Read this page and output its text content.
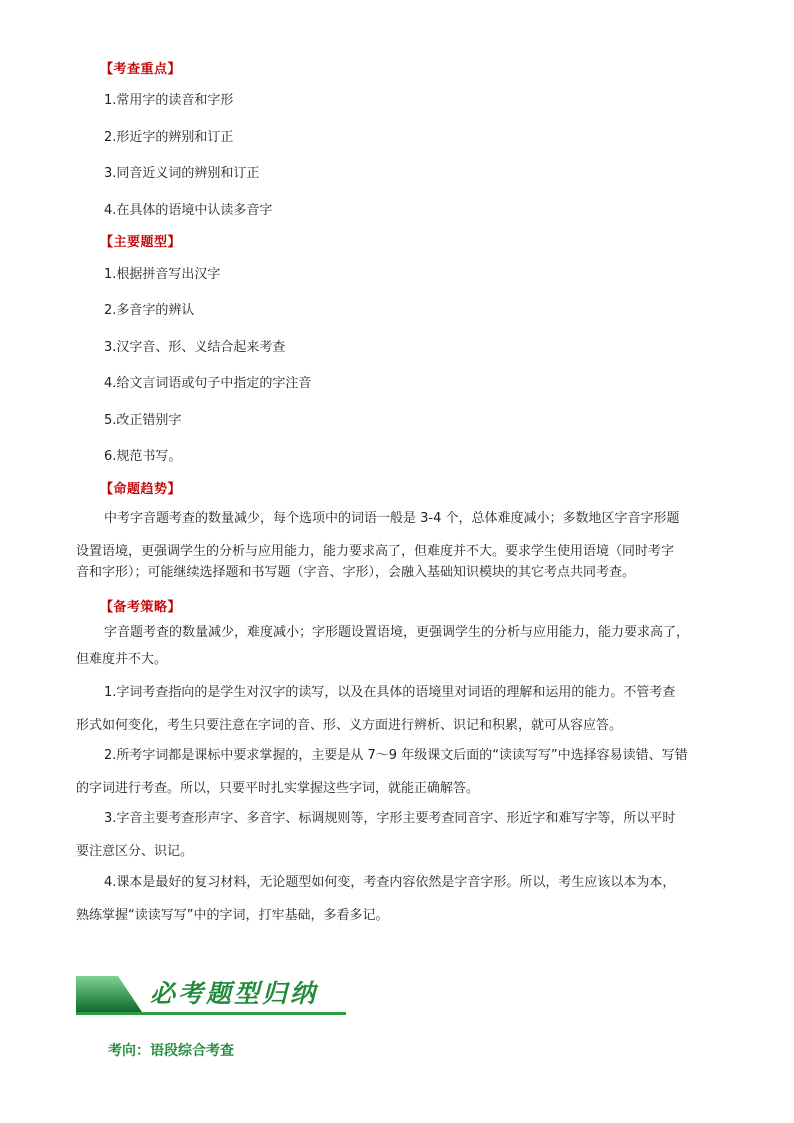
【考查重点】
1.常用字的读音和字形
2.形近字的辨别和订正
3.同音近义词的辨别和订正
4.在具体的语境中认读多音字
【主要题型】
1.根据拼音写出汉字
2.多音字的辨认
3.汉字音、形、义结合起来考查
4.给文言词语或句子中指定的字注音
5.改正错别字
6.规范书写。
【命题趋势】
中考字音题考查的数量减少，每个选项中的词语一般是 3-4 个，总体难度减小；多数地区字音字形题
设置语境，更强调学生的分析与应用能力，能力要求高了，但难度并不大。要求学生使用语境（同时考字
音和字形）；可能继续选择题和书写题（字音、字形），会融入基础知识模块的其它考点共同考查。
【备考策略】
字音题考查的数量减少，难度减小；字形题设置语境，更强调学生的分析与应用能力，能力要求高了，
但难度并不大。
1.字词考查指向的是学生对汉字的读写，以及在具体的语境里对词语的理解和运用的能力。不管考查
形式如何变化，考生只要注意在字词的音、形、义方面进行辨析、识记和积累，就可从容应答。
2.所考字词都是课标中要求掌握的，主要是从 7～9 年级课文后面的“读读写写”中选择容易读错、写错
的字词进行考查。所以，只要平时扎实掌握这些字词，就能正确解答。
3.字音主要考查形声字、多音字、标调规则等，字形主要考查同音字、形近字和难写字等，所以平时
要注意区分、识记。
4.课本是最好的复习材料，无论题型如何变，考查内容依然是字音字形。所以，考生应该以本为本，
熟练掌握“读读写写”中的字词，打牢基础，多看多记。
必考题型归纳
考向：语段综合考查
